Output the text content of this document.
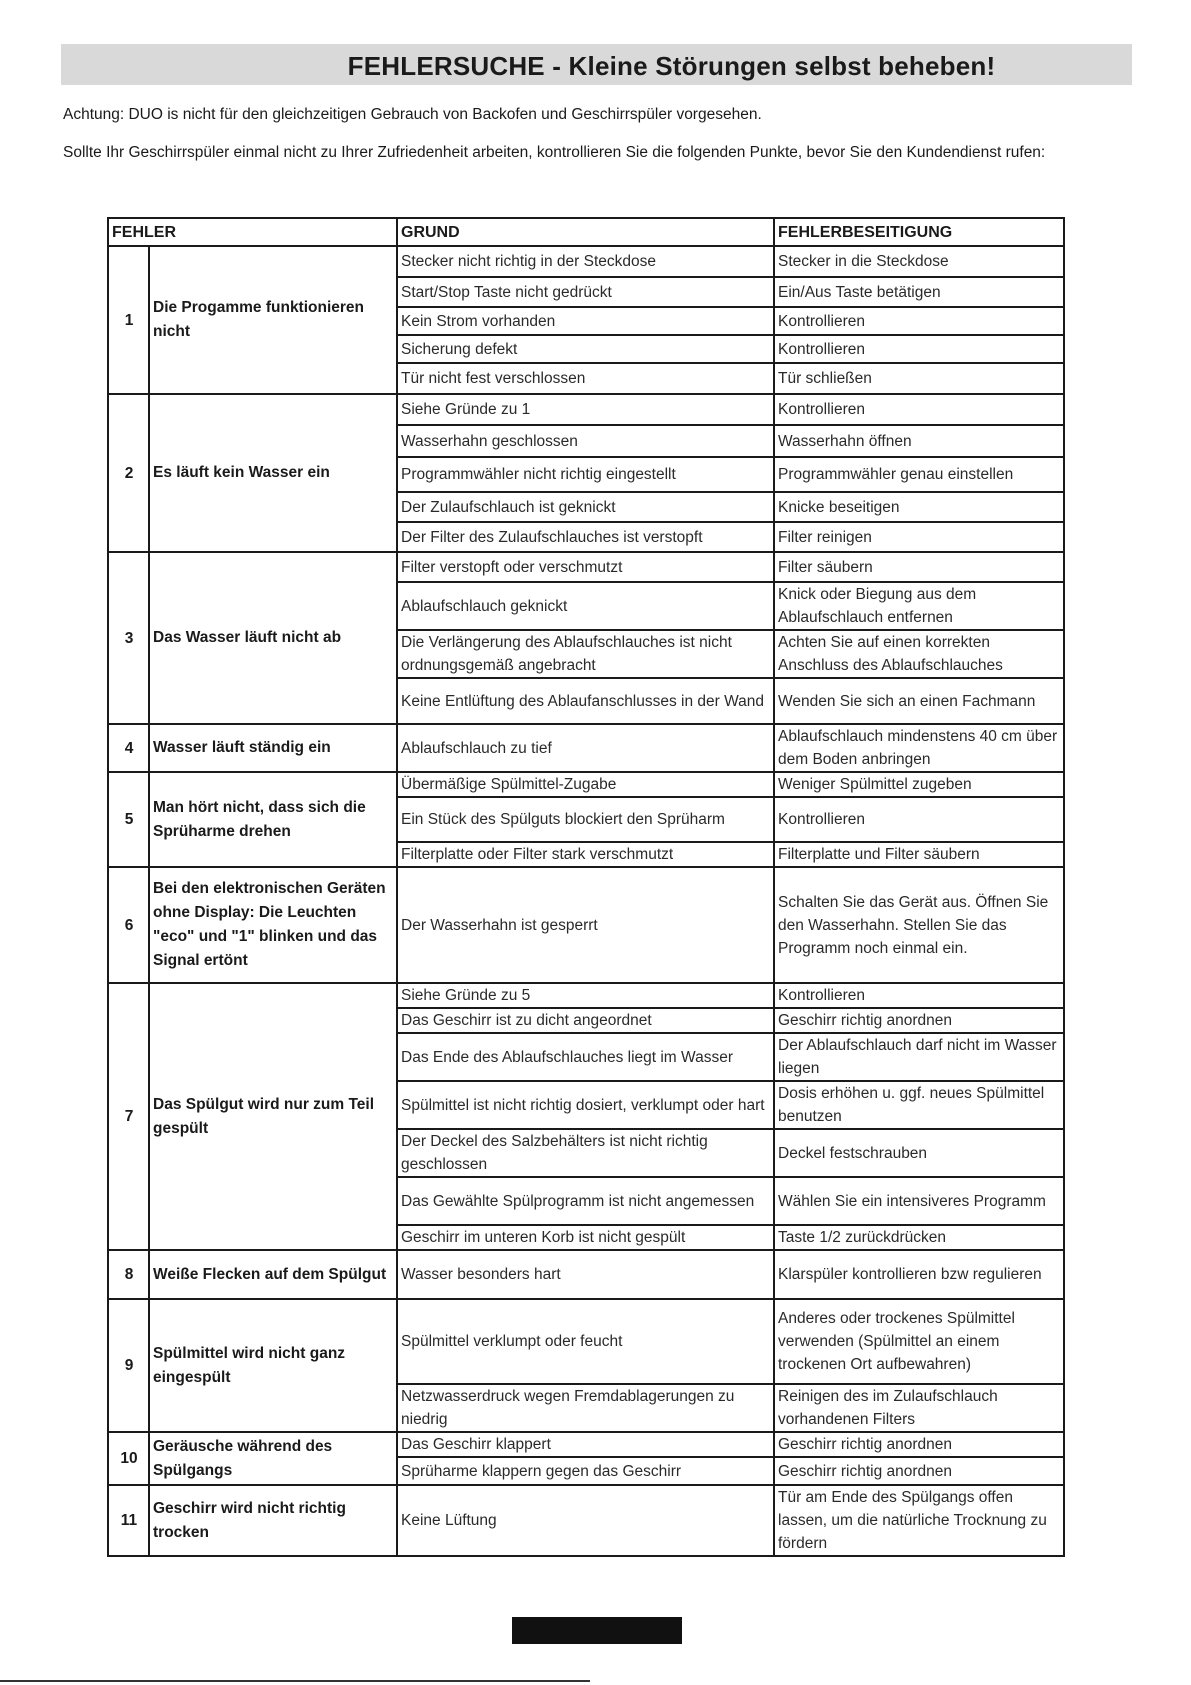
FEHLERSUCHE - Kleine Störungen selbst beheben!
Achtung: DUO is nicht für den gleichzeitigen Gebrauch von Backofen und Geschirrspüler vorgesehen.
Sollte Ihr Geschirrspüler einmal nicht zu Ihrer Zufriedenheit arbeiten, kontrollieren Sie die folgenden Punkte, bevor Sie den Kundendienst rufen:
FEHLER		GRUND	FEHLERBESEITIGUNG
1	Die Progamme funktionieren nicht	Stecker nicht richtig in der Steckdose	Stecker in die Steckdose
		Start/Stop Taste nicht gedrückt	Ein/Aus Taste betätigen
		Kein Strom vorhanden	Kontrollieren
		Sicherung defekt	Kontrollieren
		Tür nicht fest verschlossen	Tür schließen
2	Es läuft kein Wasser ein	Siehe Gründe zu 1	Kontrollieren
		Wasserhahn geschlossen	Wasserhahn öffnen
		Programmwähler nicht richtig eingestellt	Programmwähler genau einstellen
		Der Zulaufschlauch ist geknickt	Knicke beseitigen
		Der Filter des Zulaufschlauches ist verstopft	Filter reinigen
3	Das Wasser läuft nicht ab	Filter verstopft oder verschmutzt	Filter säubern
		Ablaufschlauch geknickt	Knick oder Biegung aus dem Ablaufschlauch entfernen
		Die Verlängerung des Ablaufschlauches ist nicht ordnungsgemäß angebracht	Achten Sie auf einen korrekten Anschluss des Ablaufschlauches
		Keine Entlüftung des Ablaufanschlusses in der Wand	Wenden Sie sich an einen Fachmann
4	Wasser läuft ständig ein	Ablaufschlauch zu tief	Ablaufschlauch mindenstens 40 cm über dem Boden anbringen
5	Man hört nicht, dass sich die Sprüharme drehen	Übermäßige Spülmittel-Zugabe	Weniger Spülmittel zugeben
		Ein Stück des Spülguts blockiert den Sprüharm	Kontrollieren
		Filterplatte oder Filter stark verschmutzt	Filterplatte und Filter säubern
6	Bei den elektronischen Geräten ohne Display: Die Leuchten "eco" und "1" blinken und das Signal ertönt	Der Wasserhahn ist gesperrt	Schalten Sie das Gerät aus. Öffnen Sie den Wasserhahn. Stellen Sie das Programm noch einmal ein.
7	Das Spülgut wird nur zum Teil gespült	Siehe Gründe zu 5	Kontrollieren
		Das Geschirr ist zu dicht angeordnet	Geschirr richtig anordnen
		Das Ende des Ablaufschlauches liegt im Wasser	Der Ablaufschlauch darf nicht im Wasser liegen
		Spülmittel ist nicht richtig dosiert, verklumpt oder hart	Dosis erhöhen u. ggf. neues Spülmittel benutzen
		Der Deckel des Salzbehälters ist nicht richtig geschlossen	Deckel festschrauben
		Das Gewählte Spülprogramm ist nicht angemessen	Wählen Sie ein intensiveres Programm
		Geschirr im unteren Korb ist nicht gespült	Taste 1/2 zurückdrücken
8	Weiße Flecken auf dem Spülgut	Wasser besonders hart	Klarspüler kontrollieren bzw regulieren
9	Spülmittel wird nicht ganz eingespült	Spülmittel verklumpt oder feucht	Anderes oder trockenes Spülmittel verwenden (Spülmittel an einem trockenen Ort aufbewahren)
		Netzwasserdruck wegen Fremdablagerungen zu niedrig	Reinigen des im Zulaufschlauch vorhandenen Filters
10	Geräusche während des Spülgangs	Das Geschirr klappert	Geschirr richtig anordnen
		Sprüharme klappern gegen das Geschirr	Geschirr richtig anordnen
11	Geschirr wird nicht richtig trocken	Keine Lüftung	Tür am Ende des Spülgangs offen lassen, um die natürliche Trocknung zu fördern
